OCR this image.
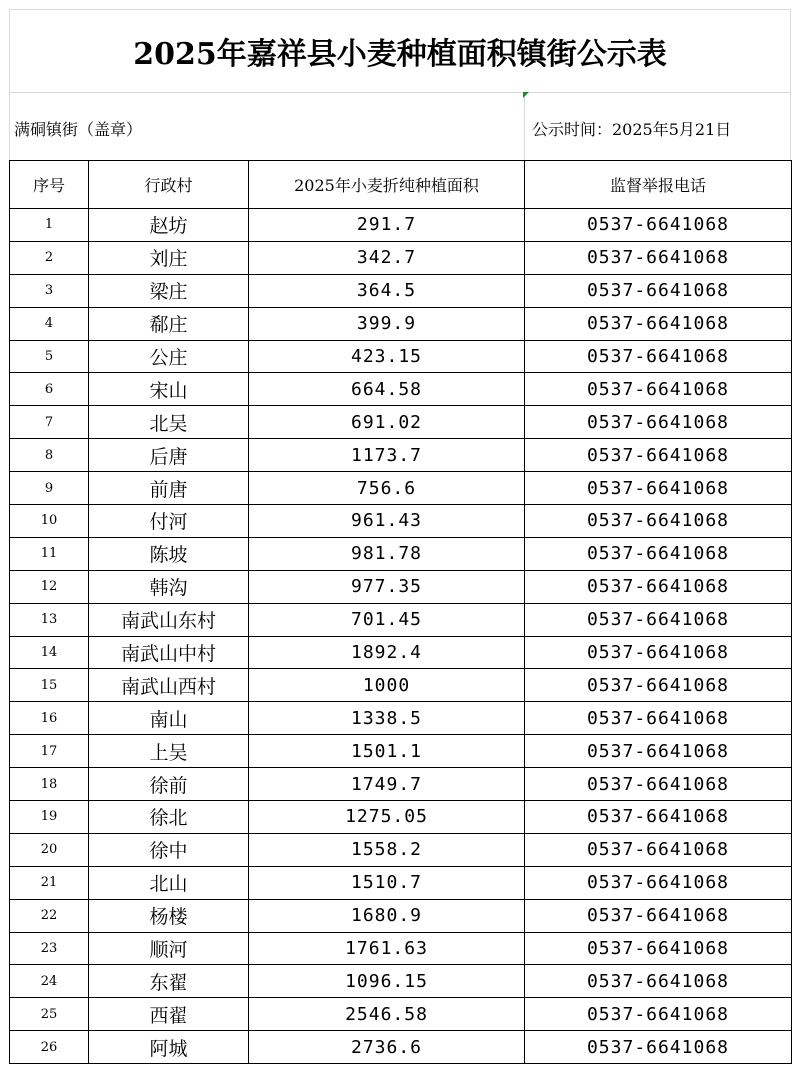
2025年嘉祥县小麦种植面积镇街公示表
满硐镇街（盖章）	公示时间：2025年5月21日
序号	行政村	2025年小麦折纯种植面积	监督举报电话
1	赵坊	291.7	0537-6641068
2	刘庄	342.7	0537-6641068
3	梁庄	364.5	0537-6641068
4	郗庄	399.9	0537-6641068
5	公庄	423.15	0537-6641068
6	宋山	664.58	0537-6641068
7	北吴	691.02	0537-6641068
8	后唐	1173.7	0537-6641068
9	前唐	756.6	0537-6641068
10	付河	961.43	0537-6641068
11	陈坡	981.78	0537-6641068
12	韩沟	977.35	0537-6641068
13	南武山东村	701.45	0537-6641068
14	南武山中村	1892.4	0537-6641068
15	南武山西村	1000	0537-6641068
16	南山	1338.5	0537-6641068
17	上吴	1501.1	0537-6641068
18	徐前	1749.7	0537-6641068
19	徐北	1275.05	0537-6641068
20	徐中	1558.2	0537-6641068
21	北山	1510.7	0537-6641068
22	杨楼	1680.9	0537-6641068
23	顺河	1761.63	0537-6641068
24	东翟	1096.15	0537-6641068
25	西翟	2546.58	0537-6641068
26	阿城	2736.6	0537-6641068
